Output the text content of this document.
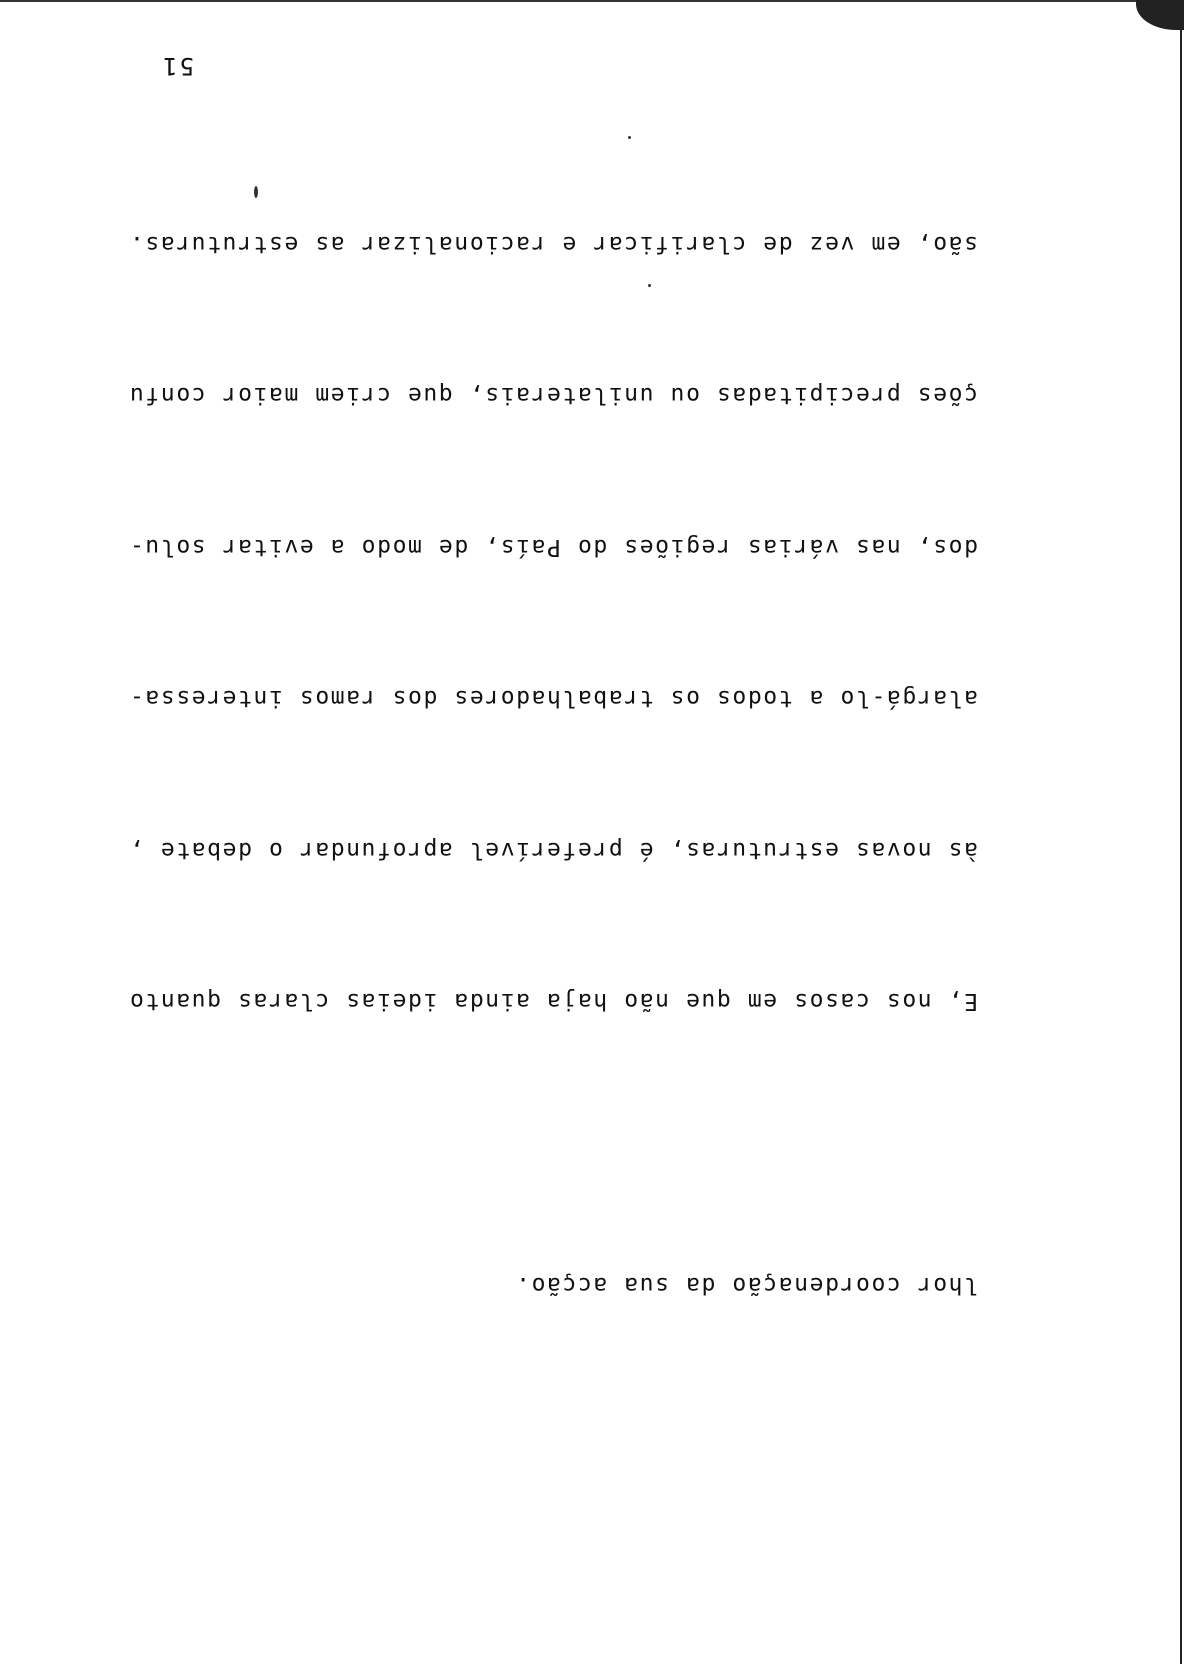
lhor coordenação da sua acção.

E, nos casos em que não haja ainda ideias claras quanto

às novas estruturas, é preferível aprofundar o debate ,

alargá-lo a todos os trabalhadores dos ramos interessa-

dos, nas várias regiões do País, de modo a evitar solu-

ções precipitadas ou unilaterais, que criem maior confu

são, em vez de clarificar e racionalizar as estruturas.

51
